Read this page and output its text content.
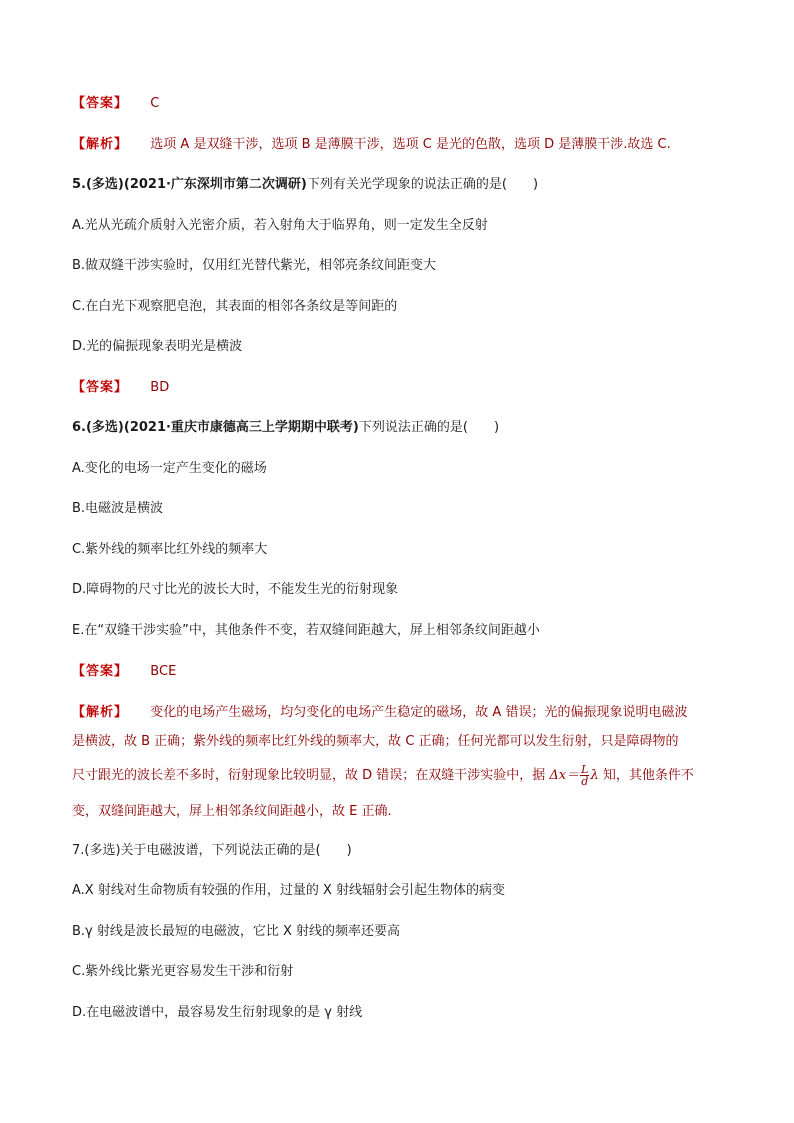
【答案】 C
【解析】 选项 A 是双缝干涉，选项 B 是薄膜干涉，选项 C 是光的色散，选项 D 是薄膜干涉.故选 C.
5.(多选)(2021·广东深圳市第二次调研)下列有关光学现象的说法正确的是(　　)
A.光从光疏介质射入光密介质，若入射角大于临界角，则一定发生全反射
B.做双缝干涉实验时，仅用红光替代紫光，相邻亮条纹间距变大
C.在白光下观察肥皂泡，其表面的相邻各条纹是等间距的
D.光的偏振现象表明光是横波
【答案】 BD
6.(多选)(2021·重庆市康德高三上学期期中联考)下列说法正确的是(　　)
A.变化的电场一定产生变化的磁场
B.电磁波是横波
C.紫外线的频率比红外线的频率大
D.障碍物的尺寸比光的波长大时，不能发生光的衍射现象
E.在“双缝干涉实验”中，其他条件不变，若双缝间距越大，屏上相邻条纹间距越小
【答案】 BCE
【解析】 变化的电场产生磁场，均匀变化的电场产生稳定的磁场，故 A 错误；光的偏振现象说明电磁波
是横波，故 B 正确；紫外线的频率比红外线的频率大，故 C 正确；任何光都可以发生衍射，只是障碍物的
尺寸跟光的波长差不多时，衍射现象比较明显，故 D 错误；在双缝干涉实验中，据 $\Delta x= \frac{L}{d}$ λ 知，其他条件不
变，双缝间距越大，屏上相邻条纹间距越小，故 E 正确.
7.(多选)关于电磁波谱，下列说法正确的是(　　)
A.X 射线对生命物质有较强的作用，过量的 X 射线辐射会引起生物体的病变
B.γ 射线是波长最短的电磁波，它比 X 射线的频率还要高
C.紫外线比紫光更容易发生干涉和衍射
D.在电磁波谱中，最容易发生衍射现象的是 γ 射线
